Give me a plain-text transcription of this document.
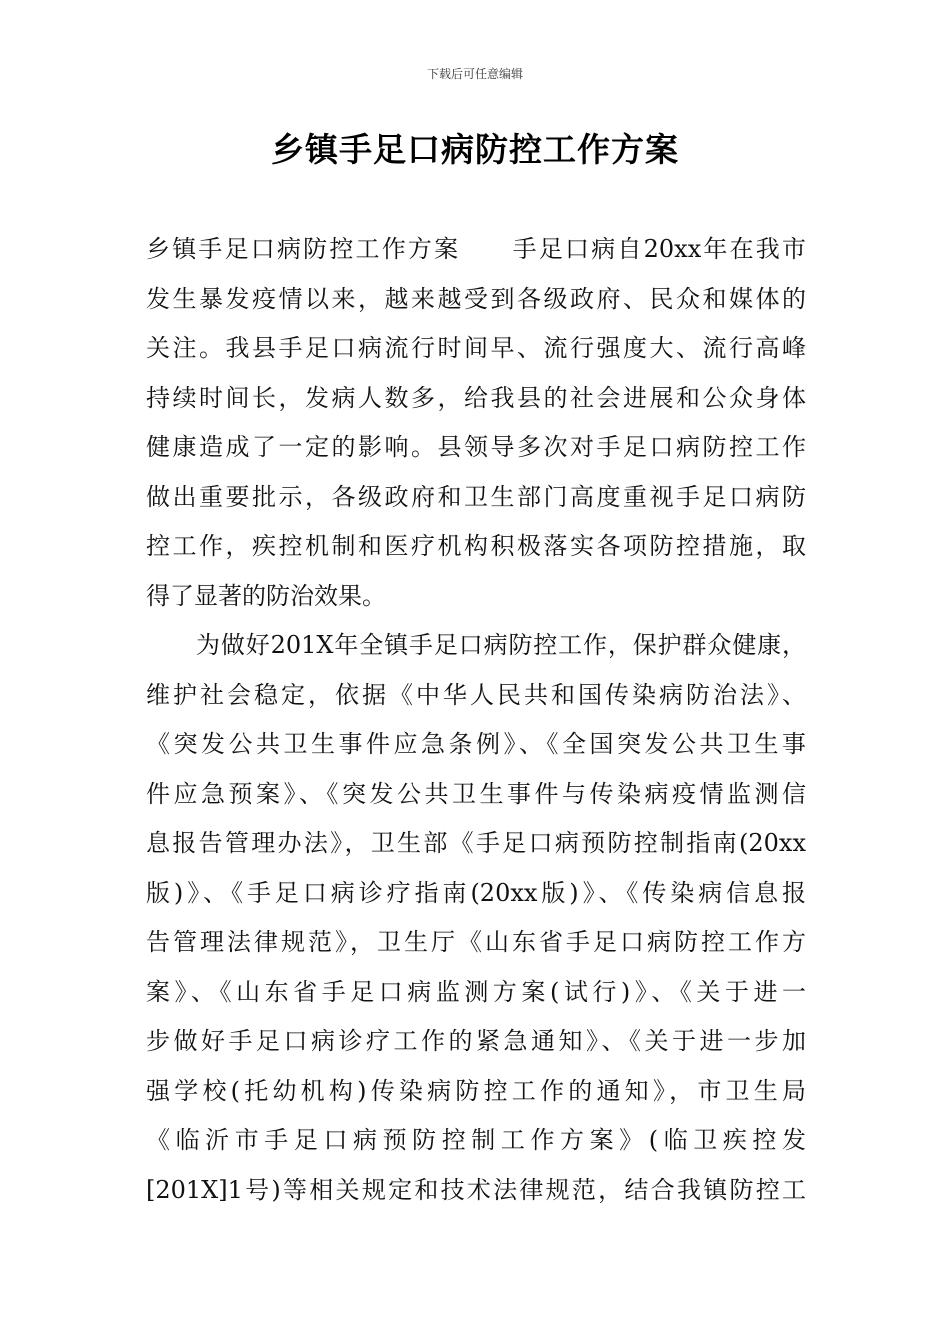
下载后可任意编辑
乡镇手足口病防控工作方案
乡镇手足口病防控工作方案　　手足口病自20xx年在我市
发生暴发疫情以来，越来越受到各级政府、民众和媒体的
关注。我县手足口病流行时间早、流行强度大、流行高峰
持续时间长，发病人数多，给我县的社会进展和公众身体
健康造成了一定的影响。县领导多次对手足口病防控工作
做出重要批示，各级政府和卫生部门高度重视手足口病防
控工作，疾控机制和医疗机构积极落实各项防控措施，取
得了显著的防治效果。
为做好201X年全镇手足口病防控工作，保护群众健康，
维护社会稳定，依据《中华人民共和国传染病防治法》、
《突发公共卫生事件应急条例》、《全国突发公共卫生事
件应急预案》、《突发公共卫生事件与传染病疫情监测信
息报告管理办法》，卫生部《手足口病预防控制指南(20xx
版)》、《手足口病诊疗指南(20xx版)》、《传染病信息报
告管理法律规范》，卫生厅《山东省手足口病防控工作方
案》、《山东省手足口病监测方案(试行)》、《关于进一
步做好手足口病诊疗工作的紧急通知》、《关于进一步加
强学校(托幼机构)传染病防控工作的通知》，市卫生局
《临沂市手足口病预防控制工作方案》(临卫疾控发
[201X]1号)等相关规定和技术法律规范，结合我镇防控工
